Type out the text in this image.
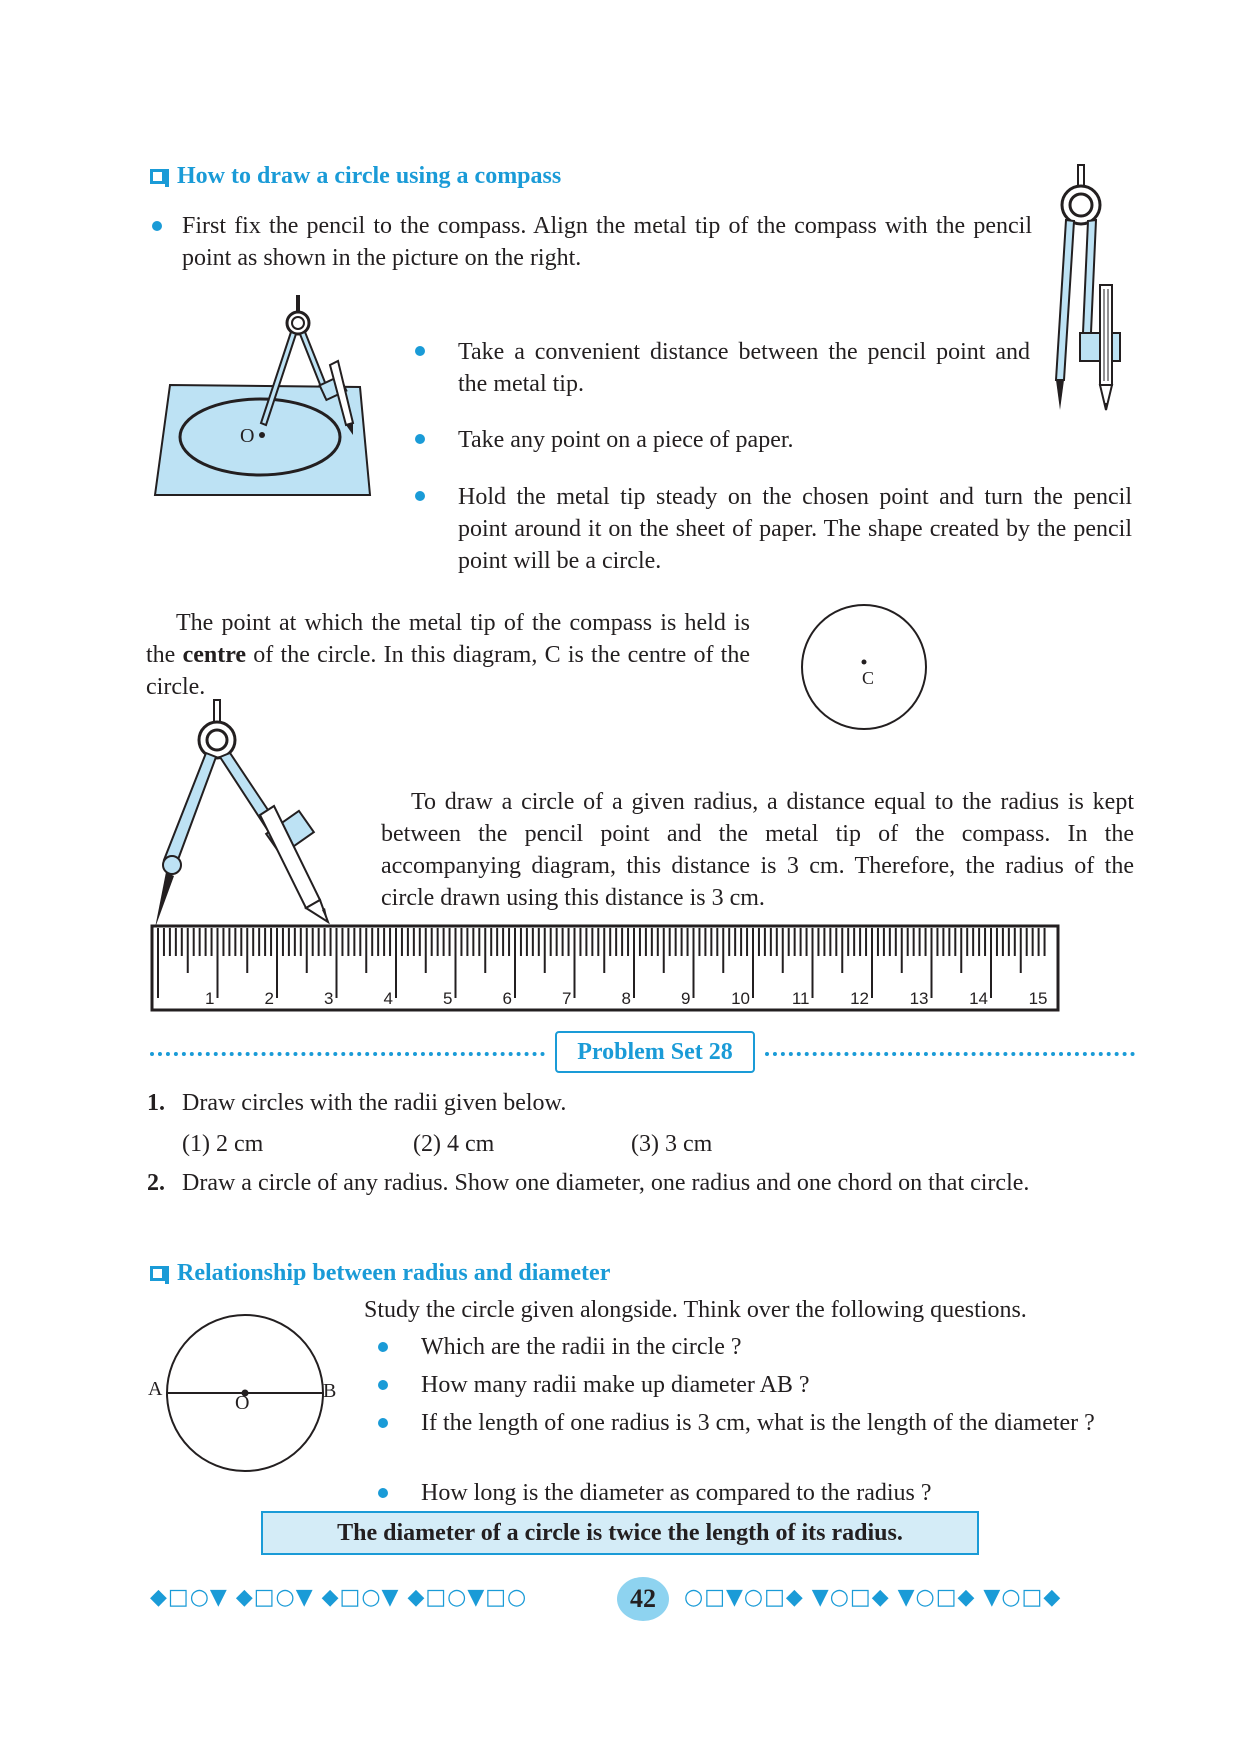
How to draw a circle using a compass
First fix the pencil to the compass. Align the metal tip of the compass with the pencil point as shown in the picture on the right.
O
Take a convenient distance between the pencil point and the metal tip.
Take any point on a piece of paper.
Hold the metal tip steady on the chosen point and turn the pencil point around it on the sheet of paper. The shape created by the pencil point will be a circle.
The point at which the metal tip of the compass is held is the centre of the circle. In this diagram, C is the centre of the circle.	C
To draw a circle of a given radius, a distance equal to the radius is kept between the pencil point and the metal tip of the compass. In the accompanying diagram, this distance is 3 cm. Therefore, the radius of the circle drawn using this distance is 3 cm.
1	2	3	4	5	6	7	8	9 10 11 12 13 14 15
Problem Set 28
1. Draw circles with the radii given below.
(1) 2 cm	(2) 4 cm	(3) 3 cm
2. Draw a circle of any radius. Show one diameter, one radius and one chord on that circle.
Relationship between radius and diameter
Study the circle given alongside. Think over the following questions.
A	B
O
Which are the radii in the circle ?
How many radii make up diameter AB ?
If the length of one radius is 3 cm, what is the length of the diameter ?
How long is the diameter as compared to the radius ?
The diameter of a circle is twice the length of its radius.
◆□○▼ ◆□○▼ ◆□○▼ ◆□○▼□○	42	○□▼○□◆ ▼○□◆ ▼○□◆ ▼○□◆
